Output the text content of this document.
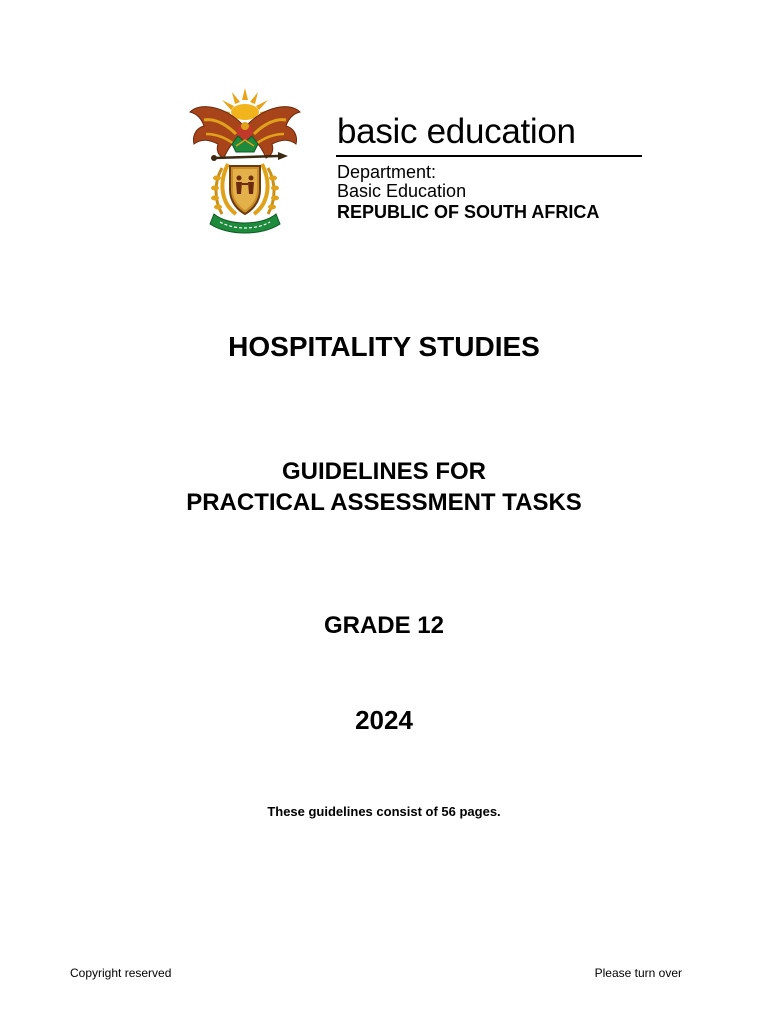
basic education
Department:
Basic Education
REPUBLIC OF SOUTH AFRICA
HOSPITALITY STUDIES
GUIDELINES FOR
PRACTICAL ASSESSMENT TASKS
GRADE 12
2024
These guidelines consist of 56 pages.
Copyright reserved	Please turn over
